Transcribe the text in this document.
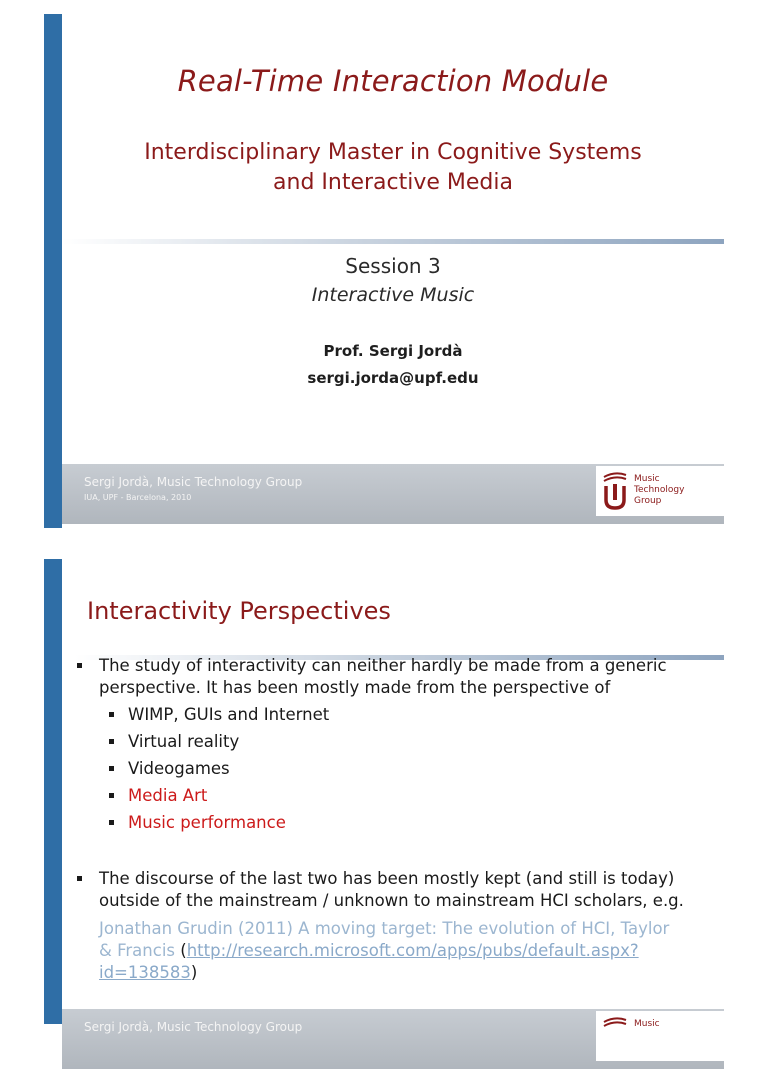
Real-Time Interaction Module
Interdisciplinary Master in Cognitive Systems
and Interactive Media
Session 3
Interactive Music
Prof. Sergi Jordà
sergi.jorda@upf.edu
Sergi Jordà, Music Technology Group
IUA, UPF - Barcelona, 2010
Music
Technology
Group
Interactivity Perspectives
The study of interactivity can neither hardly be made from a generic
perspective. It has been mostly made from the perspective of
WIMP, GUIs and Internet
Virtual reality
Videogames
Media Art
Music performance
The discourse of the last two has been mostly kept (and still is today)
outside of the mainstream / unknown to mainstream HCI scholars, e.g.
Jonathan Grudin (2011) A moving target: The evolution of HCI, Taylor
& Francis (http://research.microsoft.com/apps/pubs/default.aspx?
id=138583)
Sergi Jordà, Music Technology Group	Music
